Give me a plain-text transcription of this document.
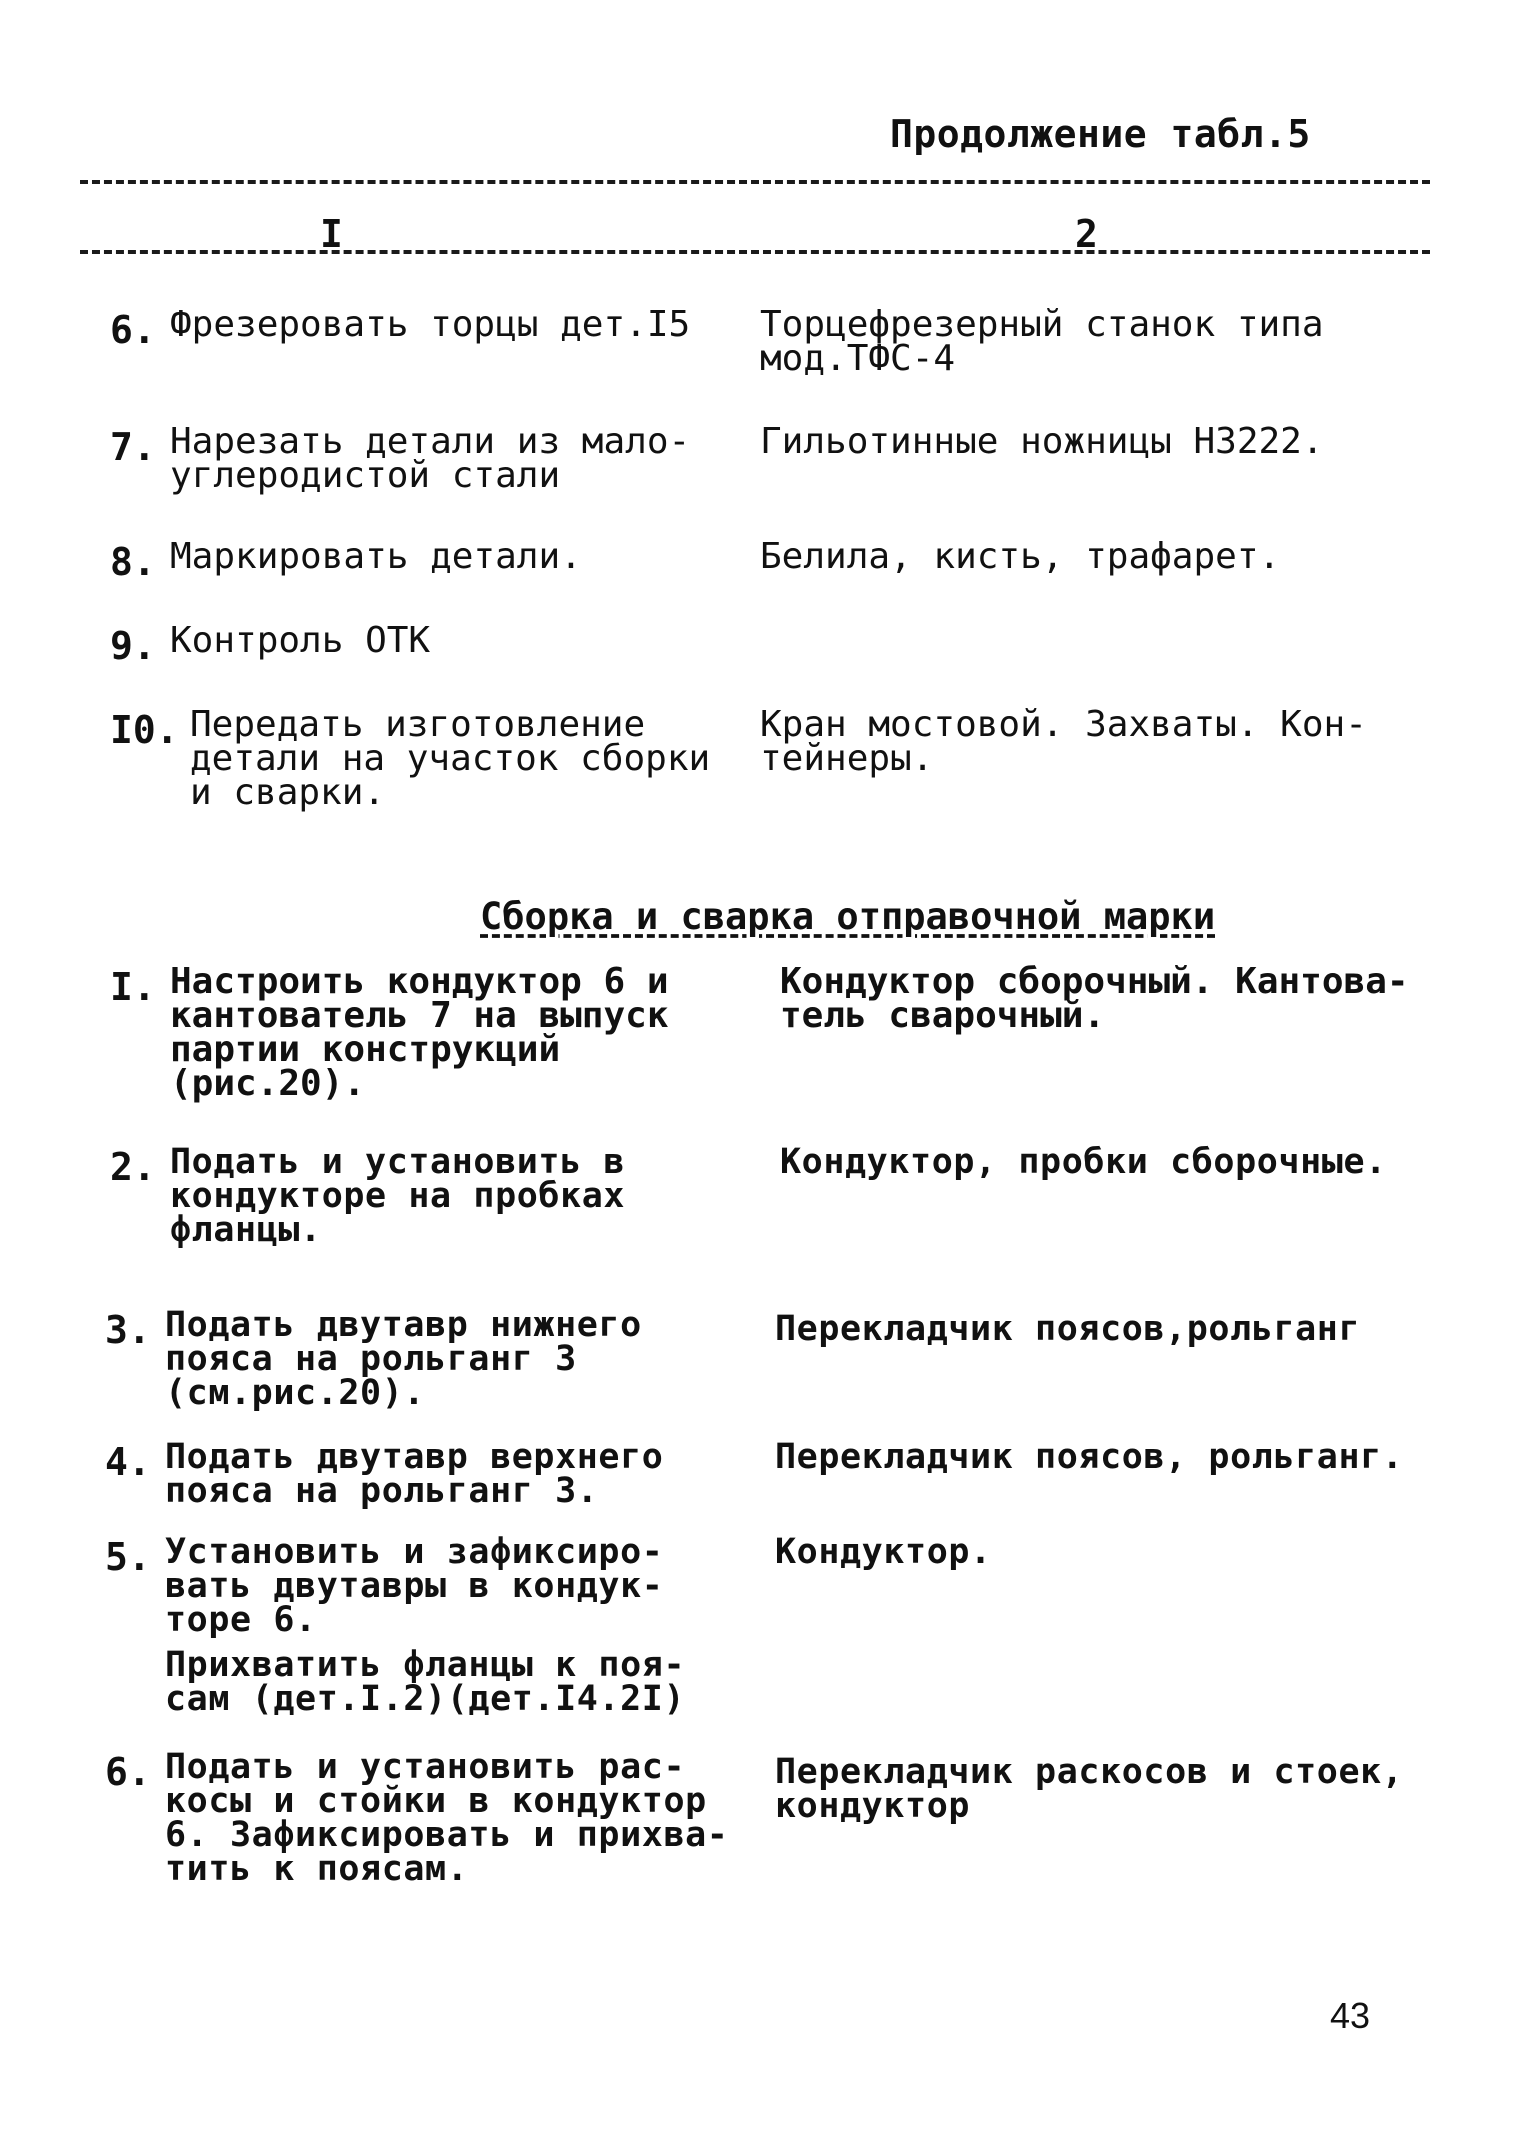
Продолжение табл.5
I	2
6. Фрезеровать торцы дет.I5 Торцефрезерный станок типа
мод.ТФС-4
7. Нарезать детали из мало-
углеродистой стали
Гильотинные ножницы Н3222.
8. Маркировать детали.	Белила, кисть, трафарет.
9. Контроль ОТК
I0. Передать изготовление
детали на участок сборки
и сварки.
Кран мостовой. Захваты. Кон-
тейнеры.
Сборка и сварка отправочной марки
I. Настроить кондуктор 6 и
кантователь 7 на выпуск
партии конструкций
(рис.20).
Кондуктор сборочный. Кантова-
тель сварочный.
2. Подать и установить в
кондукторе на пробках
фланцы.
Кондуктор, пробки сборочные.
3. Подать двутавр нижнего
пояса на рольганг 3
(см.рис.20).
Перекладчик поясов,рольганг
4. Подать двутавр верхнего
пояса на рольганг 3.
Перекладчик поясов, рольганг.
5. Установить и зафиксиро-
вать двутавры в кондук-
торе 6.
Кондуктор.
Прихватить фланцы к поя-
сам (дет.I.2)(дет.I4.2I)
6. Подать и установить рас-
косы и стойки в кондуктор
6. Зафиксировать и прихва-
тить к поясам.
Перекладчик раскосов и стоек,
кондуктор
43
